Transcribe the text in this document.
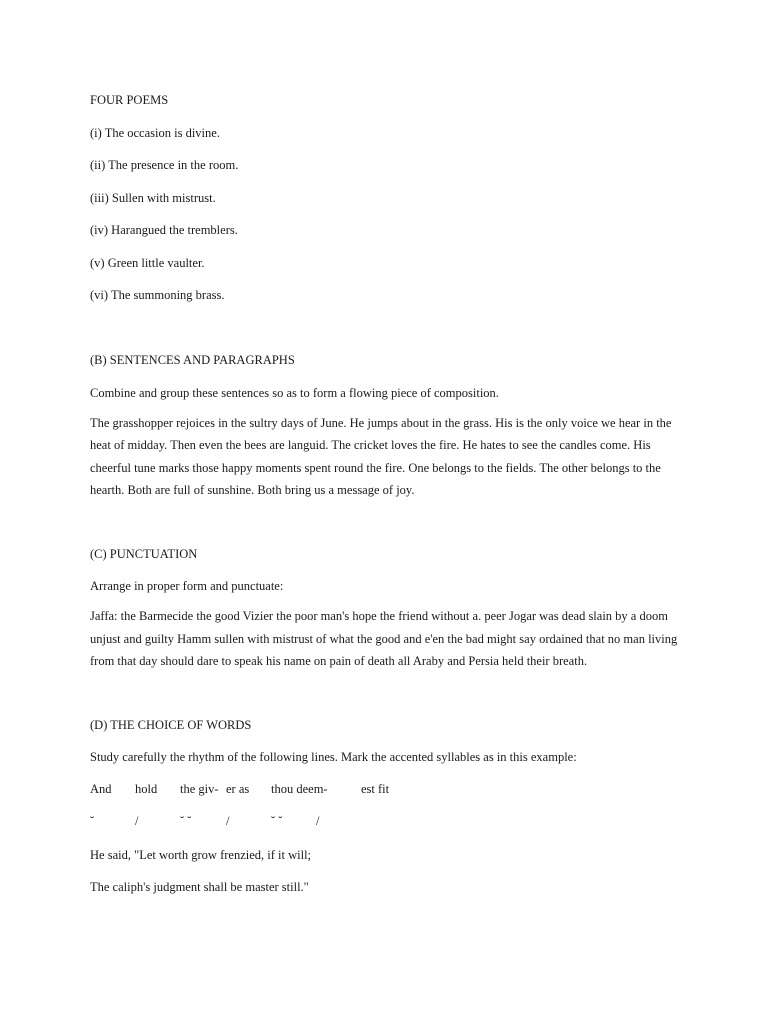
FOUR POEMS

(i) The occasion is divine.

(ii) The presence in the room.

(iii) Sullen with mistrust.

(iv) Harangued the tremblers.

(v) Green little vaulter.

(vi) The summoning brass.

(B) SENTENCES AND PARAGRAPHS

Combine and group these sentences so as to form a flowing piece of composition.

The grasshopper rejoices in the sultry days of June. He jumps about in the grass. His is the only voice we hear in the heat of midday. Then even the bees are languid. The cricket loves the fire. He hates to see the candles come. His cheerful tune marks those happy moments spent round the fire. One belongs to the fields. The other belongs to the hearth. Both are full of sunshine. Both bring us a message of joy.

(C) PUNCTUATION

Arrange in proper form and punctuate:

Jaffa: the Barmecide the good Vizier the poor man's hope the friend without a. peer Jogar was dead slain by a doom unjust and guilty Hamm sullen with mistrust of what the good and e'en the bad might say ordained that no man living from that day should dare to speak his name on pain of death all Araby and Persia held their breath.

(D) THE CHOICE OF WORDS

Study carefully the rhythm of the following lines. Mark the accented syllables as in this example:

And hold the giv- er as thou deem-	est fit
˘	/	˘ ˘	/	˘ ˘	/

He said, "Let worth grow frenzied, if it will;

The caliph's judgment shall be master still."
